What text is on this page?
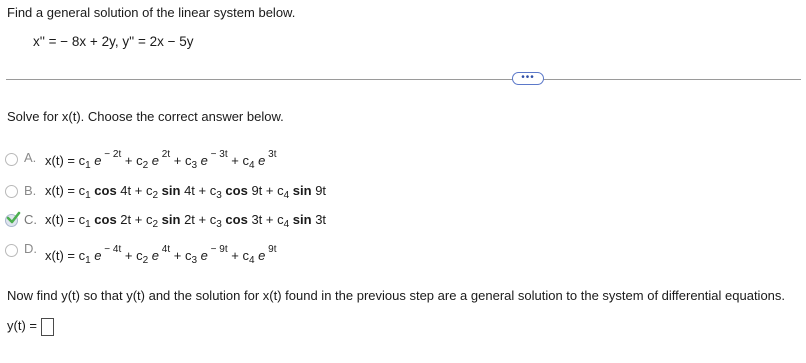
Find a general solution of the linear system below.
x'' = − 8x + 2y, y'' = 2x − 5y
•••
Solve for x(t). Choose the correct answer below.
A. $x(t) = c_1$ e $^{- 2t} + c_2$ e $^{2t} + c_3$ e $^{- 3t} + c_4$ e $^{3t}$
B. $x(t) = c_1$ $\cos 4t + c_2$ $\sin 4t + c_3$ $\cos 9t + c_4$ sin 9t
C. $x(t) = c_1$ $\cos 2t + c_2$ $\sin 2t + c_3$ $\cos 3t + c_4$ sin 3t
D. $x(t) = c_1$ e $^{- 4t} + c_2$ e $^{4t} + c_3$ e $^{- 9t} + c_4$ e $^{9t}$
Now find y(t) so that y(t) and the solution for x(t) found in the previous step are a general solution to the system of differential equations.
y(t) =
